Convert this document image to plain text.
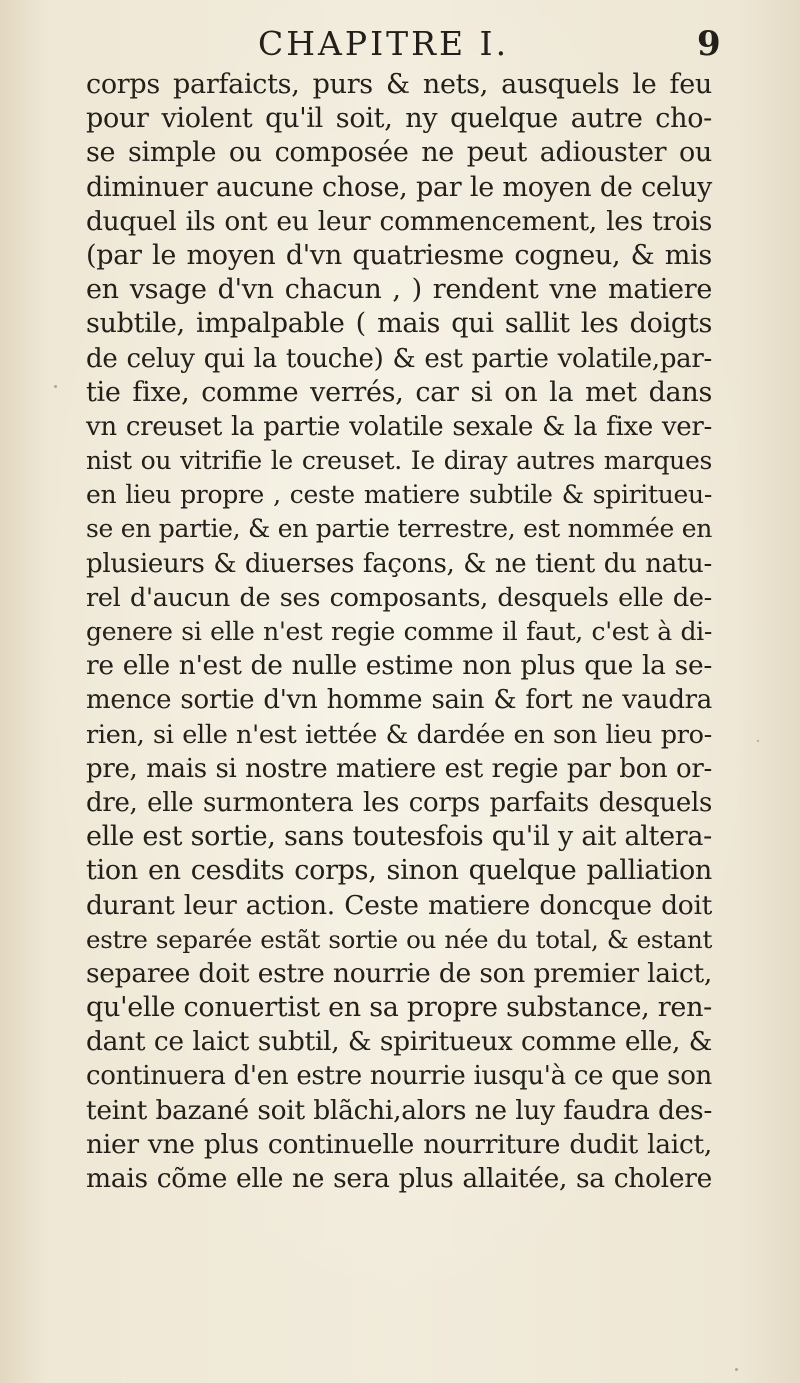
CHAPITRE I.	9
corps parfaicts, purs & nets, ausquels le feu
pour violent qu'il soit, ny quelque autre cho-
se simple ou composée ne peut adiouster ou
diminuer aucune chose, par le moyen de celuy
duquel ils ont eu leur commencement, les trois
(par le moyen d'vn quatriesme cogneu, & mis
en vsage d'vn chacun , ) rendent vne matiere
subtile, impalpable ( mais qui sallit les doigts
de celuy qui la touche) & est partie volatile,par-
tie fixe, comme verrés, car si on la met dans
vn creuset la partie volatile sexale & la fixe ver-
nist ou vitrifie le creuset. Ie diray autres marques
en lieu propre , ceste matiere subtile & spiritueu-
se en partie, & en partie terrestre, est nommée en
plusieurs & diuerses façons, & ne tient du natu-
rel d'aucun de ses composants, desquels elle de-
genere si elle n'est regie comme il faut, c'est à di-
re elle n'est de nulle estime non plus que la se-
mence sortie d'vn homme sain & fort ne vaudra
rien, si elle n'est iettée & dardée en son lieu pro-
pre, mais si nostre matiere est regie par bon or-
dre, elle surmontera les corps parfaits desquels
elle est sortie, sans toutesfois qu'il y ait altera-
tion en cesdits corps, sinon quelque palliation
durant leur action. Ceste matiere doncque doit
estre separée estãt sortie ou née du total, & estant
separee doit estre nourrie de son premier laict,
qu'elle conuertist en sa propre substance, ren-
dant ce laict subtil, & spiritueux comme elle, &
continuera d'en estre nourrie iusqu'à ce que son
teint bazané soit blãchi,alors ne luy faudra des-
nier vne plus continuelle nourriture dudit laict,
mais cõme elle ne sera plus allaitée, sa cholere
